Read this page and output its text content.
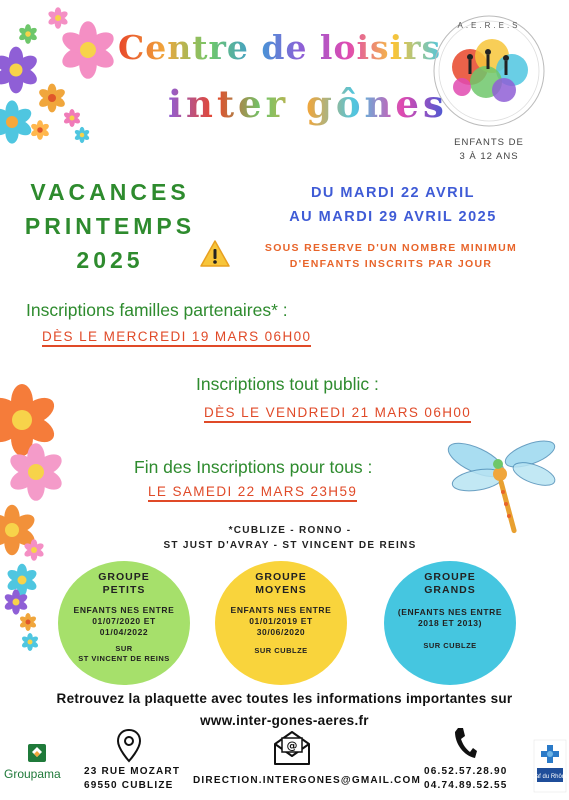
Centre de loisirs
inter gônes
A.E.R.E.S
ENFANTS DE
3 À 12 ANS
VACANCES
PRINTEMPS
2025
DU MARDI 22 AVRIL
AU MARDI 29 AVRIL 2025
SOUS RESERVE D'UN NOMBRE MINIMUM
D'ENFANTS INSCRITS PAR JOUR
Inscriptions familles partenaires* :
DÈS LE MERCREDI 19 MARS 06H00
Inscriptions tout public :
DÈS LE VENDREDI 21 MARS 06H00
Fin des Inscriptions pour tous :
LE SAMEDI 22 MARS 23H59
*CUBLIZE - RONNO -
ST JUST D'AVRAY - ST VINCENT DE REINS
GROUPE
PETITS
ENFANTS NES ENTRE
01/07/2020 ET
01/04/2022
SUR
ST VINCENT DE REINS
GROUPE
MOYENS
ENFANTS NES ENTRE
01/01/2019 ET
30/06/2020
SUR CUBLZE
GROUPE
GRANDS
(ENFANTS NES ENTRE
2018 ET 2013)
SUR CUBLZE
Retrouvez la plaquette avec toutes les informations importantes sur
www.inter-gones-aeres.fr
Groupama 23 RUE MOZART
69550 CUBLIZE
@
DIRECTION.INTERGONES@GMAIL.COM
06.52.57.28.90
04.74.89.52.55
Caf du Rhône
